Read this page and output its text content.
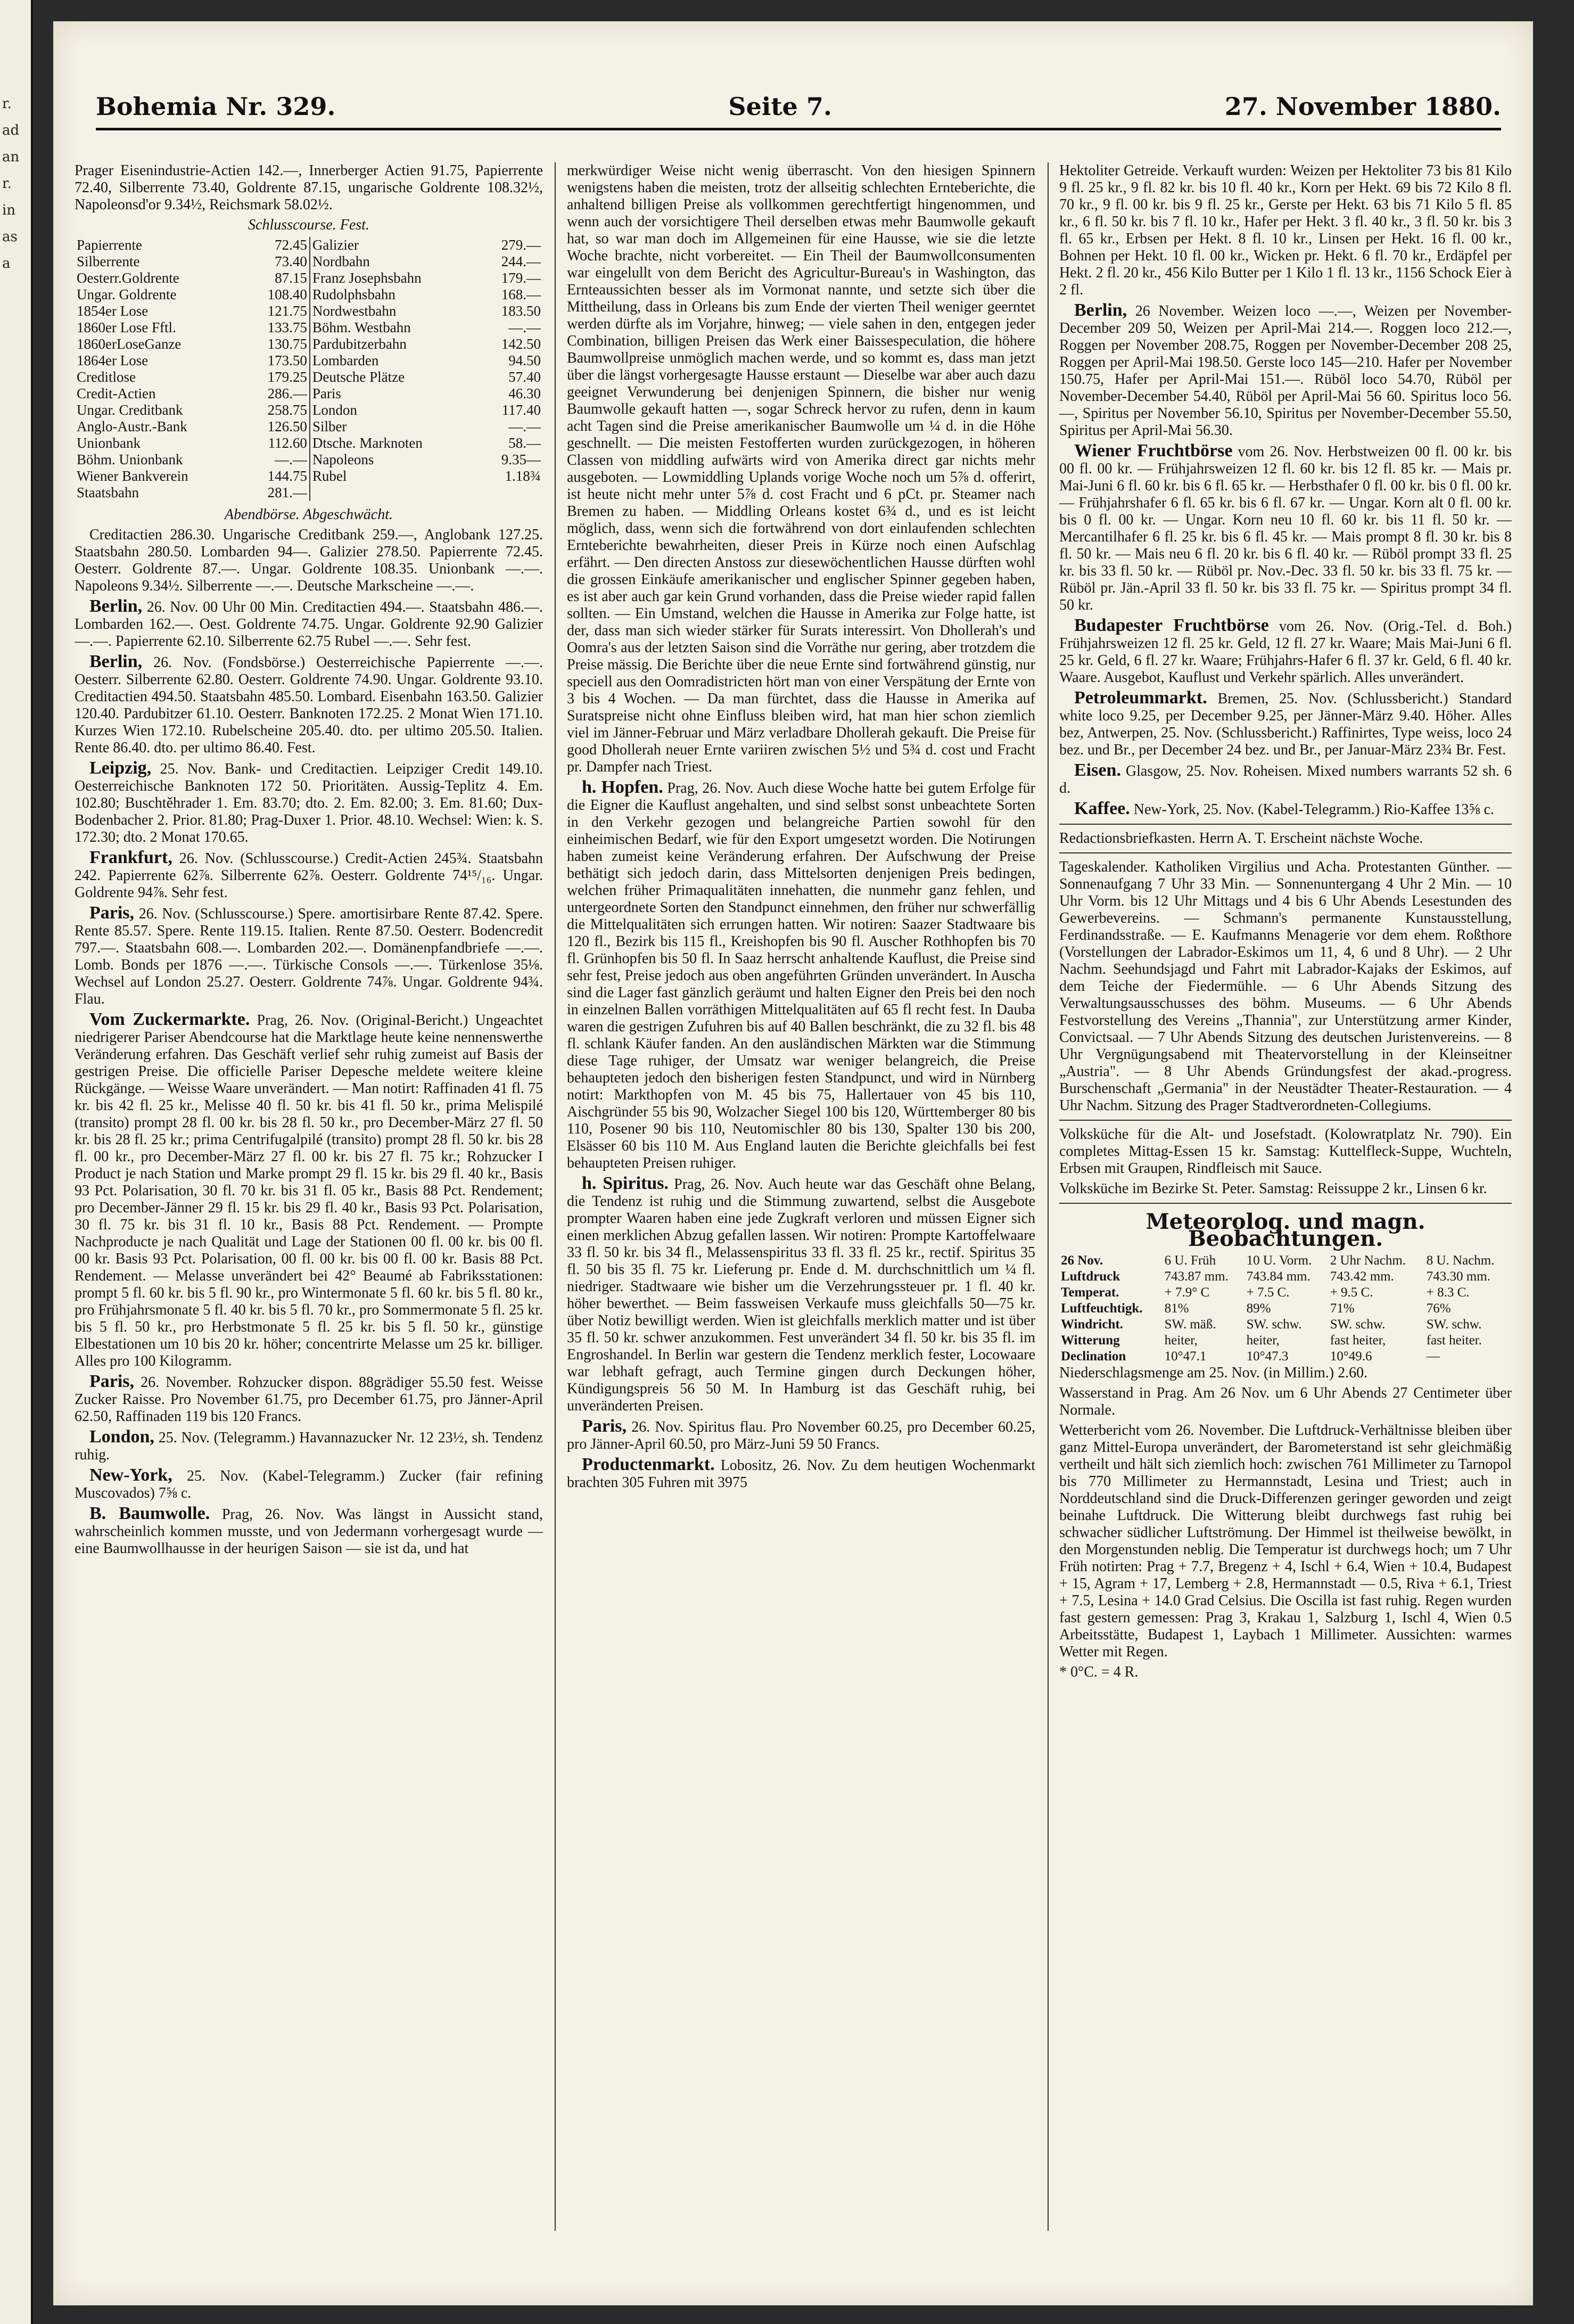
r.
ad
an
r.
in
as
a
Bohemia Nr. 329.	Seite 7.	27. November 1880.

Prager Eisenindustrie-Actien 142.—, Innerberger Actien 91.75, Papierrente 72.40, Silberrente 73.40, Goldrente 87.15, ungarische Goldrente 108.32½, Napoleonsd'or 9.34½, Reichsmark 58.02½.

Schlusscourse. Fest.

Papierrente	72.45	Galizier	279.—
Silberrente	73.40	Nordbahn	244.—
Oesterr.Goldrente	87.15	Franz Josephsbahn	179.—
Ungar. Goldrente	108.40	Rudolphsbahn	168.—
1854er Lose	121.75	Nordwestbahn	183.50
1860er Lose Fftl.	133.75	Böhm. Westbahn	—.—
1860erLoseGanze	130.75	Pardubitzerbahn	142.50
1864er Lose	173.50	Lombarden	94.50
Creditlose	179.25	Deutsche Plätze	57.40
Credit-Actien	286.—	Paris	46.30
Ungar. Creditbank	258.75	London	117.40
Anglo-Austr.-Bank	126.50	Silber	—.—
Unionbank	112.60	Dtsche. Marknoten	58.—
Böhm. Unionbank	—.—	Napoleons	9.35—
Wiener Bankverein	144.75	Rubel	1.18¾
Staatsbahn	281.—		

Abendbörse. Abgeschwächt.

Creditactien 286.30. Ungarische Creditbank 259.—, Anglobank 127.25. Staatsbahn 280.50. Lombarden 94—. Galizier 278.50. Papierrente 72.45. Oesterr. Goldrente 87.—. Ungar. Goldrente 108.35. Unionbank —.—. Napoleons 9.34½. Silberrente —.—. Deutsche Markscheine —.—.

Berlin, 26. Nov. 00 Uhr 00 Min. Creditactien 494.—. Staatsbahn 486.—. Lombarden 162.—. Oest. Goldrente 74.75. Ungar. Goldrente 92.90 Galizier —.—. Papierrente 62.10. Silberrente 62.75 Rubel —.—. Sehr fest.

Berlin, 26. Nov. (Fondsbörse.) Oesterreichische Papierrente —.—. Oesterr. Silberrente 62.80. Oesterr. Goldrente 74.90. Ungar. Goldrente 93.10. Creditactien 494.50. Staatsbahn 485.50. Lombard. Eisenbahn 163.50. Galizier 120.40. Pardubitzer 61.10. Oesterr. Banknoten 172.25. 2 Monat Wien 171.10. Kurzes Wien 172.10. Rubelscheine 205.40. dto. per ultimo 205.50. Italien. Rente 86.40. dto. per ultimo 86.40. Fest.

Leipzig, 25. Nov. Bank- und Creditactien. Leipziger Credit 149.10. Oesterreichische Banknoten 172 50. Prioritäten. Aussig-Teplitz 4. Em. 102.80; Buschtěhrader 1. Em. 83.70; dto. 2. Em. 82.00; 3. Em. 81.60; Dux-Bodenbacher 2. Prior. 81.80; Prag-Duxer 1. Prior. 48.10. Wechsel: Wien: k. S. 172.30; dto. 2 Monat 170.65.

Frankfurt, 26. Nov. (Schlusscourse.) Credit-Actien 245¾. Staatsbahn 242. Papierrente 62⅞. Silberrente 62⅞. Oesterr. Goldrente 74¹⁵/₁₆. Ungar. Goldrente 94⅞. Sehr fest.

Paris, 26. Nov. (Schlusscourse.) Spere. amortisirbare Rente 87.42. Spere. Rente 85.57. Spere. Rente 119.15. Italien. Rente 87.50. Oesterr. Bodencredit 797.—. Staatsbahn 608.—. Lombarden 202.—. Domänenpfandbriefe —.—. Lomb. Bonds per 1876 —.—. Türkische Consols —.—. Türkenlose 35⅛. Wechsel auf London 25.27. Oesterr. Goldrente 74⅞. Ungar. Goldrente 94¾. Flau.

Vom Zuckermarkte. Prag, 26. Nov. (Original-Bericht.) Ungeachtet niedrigerer Pariser Abendcourse hat die Marktlage heute keine nennenswerthe Veränderung erfahren. Das Geschäft verlief sehr ruhig zumeist auf Basis der gestrigen Preise. Die officielle Pariser Depesche meldete weitere kleine Rückgänge. — Weisse Waare unverändert. — Man notirt: Raffinaden 41 fl. 75 kr. bis 42 fl. 25 kr., Melisse 40 fl. 50 kr. bis 41 fl. 50 kr., prima Melispilé (transito) prompt 28 fl. 00 kr. bis 28 fl. 50 kr., pro December-März 27 fl. 50 kr. bis 28 fl. 25 kr.; prima Centrifugalpilé (transito) prompt 28 fl. 50 kr. bis 28 fl. 00 kr., pro December-März 27 fl. 00 kr. bis 27 fl. 75 kr.; Rohzucker I Product je nach Station und Marke prompt 29 fl. 15 kr. bis 29 fl. 40 kr., Basis 93 Pct. Polarisation, 30 fl. 70 kr. bis 31 fl. 05 kr., Basis 88 Pct. Rendement; pro December-Jänner 29 fl. 15 kr. bis 29 fl. 40 kr., Basis 93 Pct. Polarisation, 30 fl. 75 kr. bis 31 fl. 10 kr., Basis 88 Pct. Rendement. — Prompte Nachproducte je nach Qualität und Lage der Stationen 00 fl. 00 kr. bis 00 fl. 00 kr. Basis 93 Pct. Polarisation, 00 fl. 00 kr. bis 00 fl. 00 kr. Basis 88 Pct. Rendement. — Melasse unverändert bei 42° Beaumé ab Fabriksstationen: prompt 5 fl. 60 kr. bis 5 fl. 90 kr., pro Wintermonate 5 fl. 60 kr. bis 5 fl. 80 kr., pro Frühjahrsmonate 5 fl. 40 kr. bis 5 fl. 70 kr., pro Sommermonate 5 fl. 25 kr. bis 5 fl. 50 kr., pro Herbstmonate 5 fl. 25 kr. bis 5 fl. 50 kr., günstige Elbestationen um 10 bis 20 kr. höher; concentrirte Melasse um 25 kr. billiger. Alles pro 100 Kilogramm.

Paris, 26. November. Rohzucker dispon. 88grädiger 55.50 fest. Weisse Zucker Raisse. Pro November 61.75, pro December 61.75, pro Jänner-April 62.50, Raffinaden 119 bis 120 Francs.

London, 25. Nov. (Telegramm.) Havannazucker Nr. 12 23½, sh. Tendenz ruhig.

New-York, 25. Nov. (Kabel-Telegramm.) Zucker (fair refining Muscovados) 7⅝ c.

B. Baumwolle. Prag, 26. Nov. Was längst in Aussicht stand, wahrscheinlich kommen musste, und von Jedermann vorhergesagt wurde — eine Baumwollhausse in der heurigen Saison — sie ist da, und hat

merkwürdiger Weise nicht wenig überrascht. Von den hiesigen Spinnern wenigstens haben die meisten, trotz der allseitig schlechten Ernteberichte, die anhaltend billigen Preise als vollkommen gerechtfertigt hingenommen, und wenn auch der vorsichtigere Theil derselben etwas mehr Baumwolle gekauft hat, so war man doch im Allgemeinen für eine Hausse, wie sie die letzte Woche brachte, nicht vorbereitet. — Ein Theil der Baumwollconsumenten war eingelullt von dem Bericht des Agricultur-Bureau's in Washington, das Ernteaussichten besser als im Vormonat nannte, und setzte sich über die Mittheilung, dass in Orleans bis zum Ende der vierten Theil weniger geerntet werden dürfte als im Vorjahre, hinweg; — viele sahen in den, entgegen jeder Combination, billigen Preisen das Werk einer Baissespeculation, die höhere Baumwollpreise unmöglich machen werde, und so kommt es, dass man jetzt über die längst vorhergesagte Hausse erstaunt — Dieselbe war aber auch dazu geeignet Verwunderung bei denjenigen Spinnern, die bisher nur wenig Baumwolle gekauft hatten —, sogar Schreck hervor zu rufen, denn in kaum acht Tagen sind die Preise amerikanischer Baumwolle um ¼ d. in die Höhe geschnellt. — Die meisten Festofferten wurden zurückgezogen, in höheren Classen von middling aufwärts wird von Amerika direct gar nichts mehr ausgeboten. — Lowmiddling Uplands vorige Woche noch um 5⅞ d. offerirt, ist heute nicht mehr unter 5⅞ d. cost Fracht und 6 pCt. pr. Steamer nach Bremen zu haben. — Middling Orleans kostet 6¾ d., und es ist leicht möglich, dass, wenn sich die fortwährend von dort einlaufenden schlechten Ernteberichte bewahrheiten, dieser Preis in Kürze noch einen Aufschlag erfährt. — Den directen Anstoss zur diesewöchentlichen Hausse dürften wohl die grossen Einkäufe amerikanischer und englischer Spinner gegeben haben, es ist aber auch gar kein Grund vorhanden, dass die Preise wieder rapid fallen sollten. — Ein Umstand, welchen die Hausse in Amerika zur Folge hatte, ist der, dass man sich wieder stärker für Surats interessirt. Von Dhollerah's und Oomra's aus der letzten Saison sind die Vorräthe nur gering, aber trotzdem die Preise mässig. Die Berichte über die neue Ernte sind fortwährend günstig, nur speciell aus den Oomradistricten hört man von einer Verspätung der Ernte von 3 bis 4 Wochen. — Da man fürchtet, dass die Hausse in Amerika auf Suratspreise nicht ohne Einfluss bleiben wird, hat man hier schon ziemlich viel im Jänner-Februar und März verladbare Dhollerah gekauft. Die Preise für good Dhollerah neuer Ernte variiren zwischen 5½ und 5¾ d. cost und Fracht pr. Dampfer nach Triest.

h. Hopfen. Prag, 26. Nov. Auch diese Woche hatte bei gutem Erfolge für die Eigner die Kauflust angehalten, und sind selbst sonst unbeachtete Sorten in den Verkehr gezogen und belangreiche Partien sowohl für den einheimischen Bedarf, wie für den Export umgesetzt worden. Die Notirungen haben zumeist keine Veränderung erfahren. Der Aufschwung der Preise bethätigt sich jedoch darin, dass Mittelsorten denjenigen Preis bedingen, welchen früher Primaqualitäten innehatten, die nunmehr ganz fehlen, und untergeordnete Sorten den Standpunct einnehmen, den früher nur schwerfällig die Mittelqualitäten sich errungen hatten. Wir notiren: Saazer Stadtwaare bis 120 fl., Bezirk bis 115 fl., Kreishopfen bis 90 fl. Auscher Rothhopfen bis 70 fl. Grünhopfen bis 50 fl. In Saaz herrscht anhaltende Kauflust, die Preise sind sehr fest, Preise jedoch aus oben angeführten Gründen unverändert. In Auscha sind die Lager fast gänzlich geräumt und halten Eigner den Preis bei den noch in einzelnen Ballen vorräthigen Mittelqualitäten auf 65 fl recht fest. In Dauba waren die gestrigen Zufuhren bis auf 40 Ballen beschränkt, die zu 32 fl. bis 48 fl. schlank Käufer fanden. An den ausländischen Märkten war die Stimmung diese Tage ruhiger, der Umsatz war weniger belangreich, die Preise behaupteten jedoch den bisherigen festen Standpunct, und wird in Nürnberg notirt: Markthopfen von M. 45 bis 75, Hallertauer von 45 bis 110, Aischgründer 55 bis 90, Wolzacher Siegel 100 bis 120, Württemberger 80 bis 110, Posener 90 bis 110, Neutomischler 80 bis 130, Spalter 130 bis 200, Elsässer 60 bis 110 M. Aus England lauten die Berichte gleichfalls bei fest behaupteten Preisen ruhiger.

h. Spiritus. Prag, 26. Nov. Auch heute war das Geschäft ohne Belang, die Tendenz ist ruhig und die Stimmung zuwartend, selbst die Ausgebote prompter Waaren haben eine jede Zugkraft verloren und müssen Eigner sich einen merklichen Abzug gefallen lassen. Wir notiren: Prompte Kartoffelwaare 33 fl. 50 kr. bis 34 fl., Melassenspiritus 33 fl. 33 fl. 25 kr., rectif. Spiritus 35 fl. 50 bis 35 fl. 75 kr. Lieferung pr. Ende d. M. durchschnittlich um ¼ fl. niedriger. Stadtwaare wie bisher um die Verzehrungssteuer pr. 1 fl. 40 kr. höher bewerthet. — Beim fassweisen Verkaufe muss gleichfalls 50—75 kr. über Notiz bewilligt werden. Wien ist gleichfalls merklich matter und ist über 35 fl. 50 kr. schwer anzukommen. Fest unverändert 34 fl. 50 kr. bis 35 fl. im Engroshandel. In Berlin war gestern die Tendenz merklich fester, Locowaare war lebhaft gefragt, auch Termine gingen durch Deckungen höher, Kündigungspreis 56 50 M. In Hamburg ist das Geschäft ruhig, bei unveränderten Preisen.

Paris, 26. Nov. Spiritus flau. Pro November 60.25, pro December 60.25, pro Jänner-April 60.50, pro März-Juni 59 50 Francs.

Productenmarkt. Lobositz, 26. Nov. Zu dem heutigen Wochenmarkt brachten 305 Fuhren mit 3975

Hektoliter Getreide. Verkauft wurden: Weizen per Hektoliter 73 bis 81 Kilo 9 fl. 25 kr., 9 fl. 82 kr. bis 10 fl. 40 kr., Korn per Hekt. 69 bis 72 Kilo 8 fl. 70 kr., 9 fl. 00 kr. bis 9 fl. 25 kr., Gerste per Hekt. 63 bis 71 Kilo 5 fl. 85 kr., 6 fl. 50 kr. bis 7 fl. 10 kr., Hafer per Hekt. 3 fl. 40 kr., 3 fl. 50 kr. bis 3 fl. 65 kr., Erbsen per Hekt. 8 fl. 10 kr., Linsen per Hekt. 16 fl. 00 kr., Bohnen per Hekt. 10 fl. 00 kr., Wicken pr. Hekt. 6 fl. 70 kr., Erdäpfel per Hekt. 2 fl. 20 kr., 456 Kilo Butter per 1 Kilo 1 fl. 13 kr., 1156 Schock Eier à 2 fl.

Berlin, 26 November. Weizen loco —.—, Weizen per November-December 209 50, Weizen per April-Mai 214.—. Roggen loco 212.—, Roggen per November 208.75, Roggen per November-December 208 25, Roggen per April-Mai 198.50. Gerste loco 145—210. Hafer per November 150.75, Hafer per April-Mai 151.—. Rüböl loco 54.70, Rüböl per November-December 54.40, Rüböl per April-Mai 56 60. Spiritus loco 56.—, Spiritus per November 56.10, Spiritus per November-December 55.50, Spiritus per April-Mai 56.30.

Wiener Fruchtbörse vom 26. Nov. Herbstweizen 00 fl. 00 kr. bis 00 fl. 00 kr. — Frühjahrsweizen 12 fl. 60 kr. bis 12 fl. 85 kr. — Mais pr. Mai-Juni 6 fl. 60 kr. bis 6 fl. 65 kr. — Herbsthafer 0 fl. 00 kr. bis 0 fl. 00 kr. — Frühjahrshafer 6 fl. 65 kr. bis 6 fl. 67 kr. — Ungar. Korn alt 0 fl. 00 kr. bis 0 fl. 00 kr. — Ungar. Korn neu 10 fl. 60 kr. bis 11 fl. 50 kr. — Mercantilhafer 6 fl. 25 kr. bis 6 fl. 45 kr. — Mais prompt 8 fl. 30 kr. bis 8 fl. 50 kr. — Mais neu 6 fl. 20 kr. bis 6 fl. 40 kr. — Rüböl prompt 33 fl. 25 kr. bis 33 fl. 50 kr. — Rüböl pr. Nov.-Dec. 33 fl. 50 kr. bis 33 fl. 75 kr. — Rüböl pr. Jän.-April 33 fl. 50 kr. bis 33 fl. 75 kr. — Spiritus prompt 34 fl. 50 kr.

Budapester Fruchtbörse vom 26. Nov. (Orig.-Tel. d. Boh.) Frühjahrsweizen 12 fl. 25 kr. Geld, 12 fl. 27 kr. Waare; Mais Mai-Juni 6 fl. 25 kr. Geld, 6 fl. 27 kr. Waare; Frühjahrs-Hafer 6 fl. 37 kr. Geld, 6 fl. 40 kr. Waare. Ausgebot, Kauflust und Verkehr spärlich. Alles unverändert.

Petroleummarkt. Bremen, 25. Nov. (Schlussbericht.) Standard white loco 9.25, per December 9.25, per Jänner-März 9.40. Höher. Alles bez, Antwerpen, 25. Nov. (Schlussbericht.) Raffinirtes, Type weiss, loco 24 bez. und Br., per December 24 bez. und Br., per Januar-März 23¾ Br. Fest.

Eisen. Glasgow, 25. Nov. Roheisen. Mixed numbers warrants 52 sh. 6 d.

Kaffee. New-York, 25. Nov. (Kabel-Telegramm.) Rio-Kaffee 13⅝ c.

Redactionsbriefkasten. Herrn A. T. Erscheint nächste Woche.

Tageskalender. Katholiken Virgilius und Acha. Protestanten Günther. — Sonnenaufgang 7 Uhr 33 Min. — Sonnenuntergang 4 Uhr 2 Min. — 10 Uhr Vorm. bis 12 Uhr Mittags und 4 bis 6 Uhr Abends Lesestunden des Gewerbevereins. — Schmann's permanente Kunstausstellung, Ferdinandsstraße. — E. Kaufmanns Menagerie vor dem ehem. Roßthore (Vorstellungen der Labrador-Eskimos um 11, 4, 6 und 8 Uhr). — 2 Uhr Nachm. Seehundsjagd und Fahrt mit Labrador-Kajaks der Eskimos, auf dem Teiche der Fiedermühle. — 6 Uhr Abends Sitzung des Verwaltungsausschusses des böhm. Museums. — 6 Uhr Abends Festvorstellung des Vereins „Thannia", zur Unterstützung armer Kinder, Convictsaal. — 7 Uhr Abends Sitzung des deutschen Juristenvereins. — 8 Uhr Vergnügungsabend mit Theatervorstellung in der Kleinseitner „Austria". — 8 Uhr Abends Gründungsfest der akad.-progress. Burschenschaft „Germania" in der Neustädter Theater-Restauration. — 4 Uhr Nachm. Sitzung des Prager Stadtverordneten-Collegiums.

Volksküche für die Alt- und Josefstadt. (Kolowratplatz Nr. 790). Ein completes Mittag-Essen 15 kr. Samstag: Kuttelfleck-Suppe, Wuchteln, Erbsen mit Graupen, Rindfleisch mit Sauce.

Volksküche im Bezirke St. Peter. Samstag: Reissuppe 2 kr., Linsen 6 kr.

Meteorolog. und magn. Beobachtungen.
26 Nov.	6 U. Früh	10 U. Vorm.	2 Uhr Nachm.	8 U. Nachm.
Luftdruck	743.87 mm.	743.84 mm.	743.42 mm.	743.30 mm.
Temperat.	+ 7.9° C	+ 7.5 C.	+ 9.5 C.	+ 8.3 C.
Luftfeuchtigk.	81%	89%	71%	76%
Windricht.	SW. mäß.	SW. schw.	SW. schw.	SW. schw.
Witterung	heiter,	heiter,	fast heiter,	fast heiter.
Declination	10°47.1	10°47.3	10°49.6	—

Niederschlagsmenge am 25. Nov. (in Millim.) 2.60.

Wasserstand in Prag. Am 26 Nov. um 6 Uhr Abends 27 Centimeter über Normale.

Wetterbericht vom 26. November. Die Luftdruck-Verhältnisse bleiben über ganz Mittel-Europa unverändert, der Barometerstand ist sehr gleichmäßig vertheilt und hält sich ziemlich hoch: zwischen 761 Millimeter zu Tarnopol bis 770 Millimeter zu Hermannstadt, Lesina und Triest; auch in Norddeutschland sind die Druck-Differenzen geringer geworden und zeigt beinahe Luftdruck. Die Witterung bleibt durchwegs fast ruhig bei schwacher südlicher Luftströmung. Der Himmel ist theilweise bewölkt, in den Morgenstunden neblig. Die Temperatur ist durchwegs hoch; um 7 Uhr Früh notirten: Prag + 7.7, Bregenz + 4, Ischl + 6.4, Wien + 10.4, Budapest + 15, Agram + 17, Lemberg + 2.8, Hermannstadt — 0.5, Riva + 6.1, Triest + 7.5, Lesina + 14.0 Grad Celsius. Die Oscilla ist fast ruhig. Regen wurden fast gestern gemessen: Prag 3, Krakau 1, Salzburg 1, Ischl 4, Wien 0.5 Arbeitsstätte, Budapest 1, Laybach 1 Millimeter. Aussichten: warmes Wetter mit Regen.

* 0°C. = 4 R.
